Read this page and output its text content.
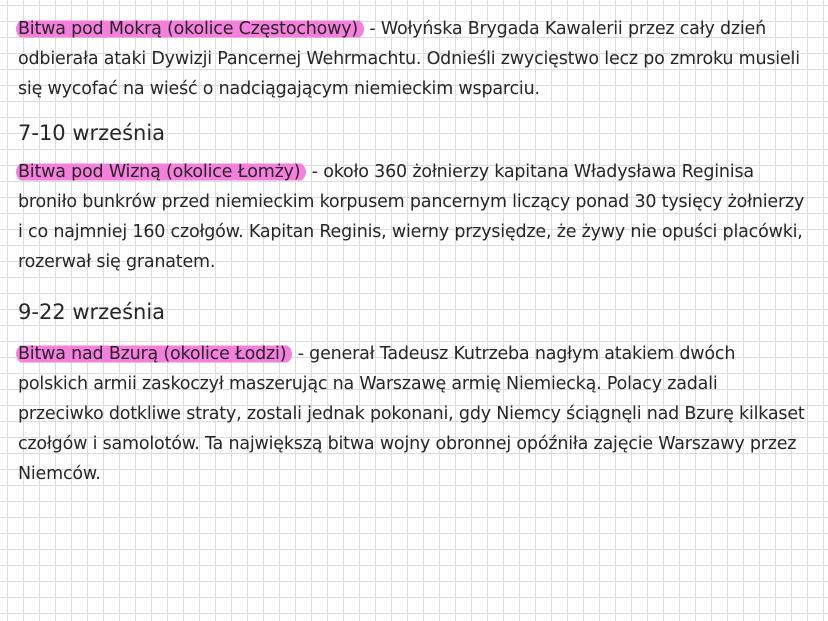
Bitwa pod Mokrą (okolice Częstochowy) - Wołyńska Brygada Kawalerii przez cały dzień odbierała ataki Dywizji Pancernej Wehrmachtu. Odnieśli zwycięstwo lecz po zmroku musieli się wycofać na wieść o nadciągającym niemieckim wsparciu.
7-10 września
Bitwa pod Wizną (okolice Łomży) - około 360 żołnierzy kapitana Władysława Reginisa broniło bunkrów przed niemieckim korpusem pancernym liczący ponad 30 tysięcy żołnierzy i co najmniej 160 czołgów. Kapitan Reginis, wierny przysiędze, że żywy nie opuści placówki, rozerwał się granatem.
9-22 września
Bitwa nad Bzurą (okolice Łodzi) - generał Tadeusz Kutrzeba nagłym atakiem dwóch polskich armii zaskoczył maszerując na Warszawę armię Niemiecką. Polacy zadali przeciwko dotkliwe straty, zostali jednak pokonani, gdy Niemcy ściągnęli nad Bzurę kilkaset czołgów i samolotów. Ta największą bitwa wojny obronnej opóźniła zajęcie Warszawy przez Niemców.
